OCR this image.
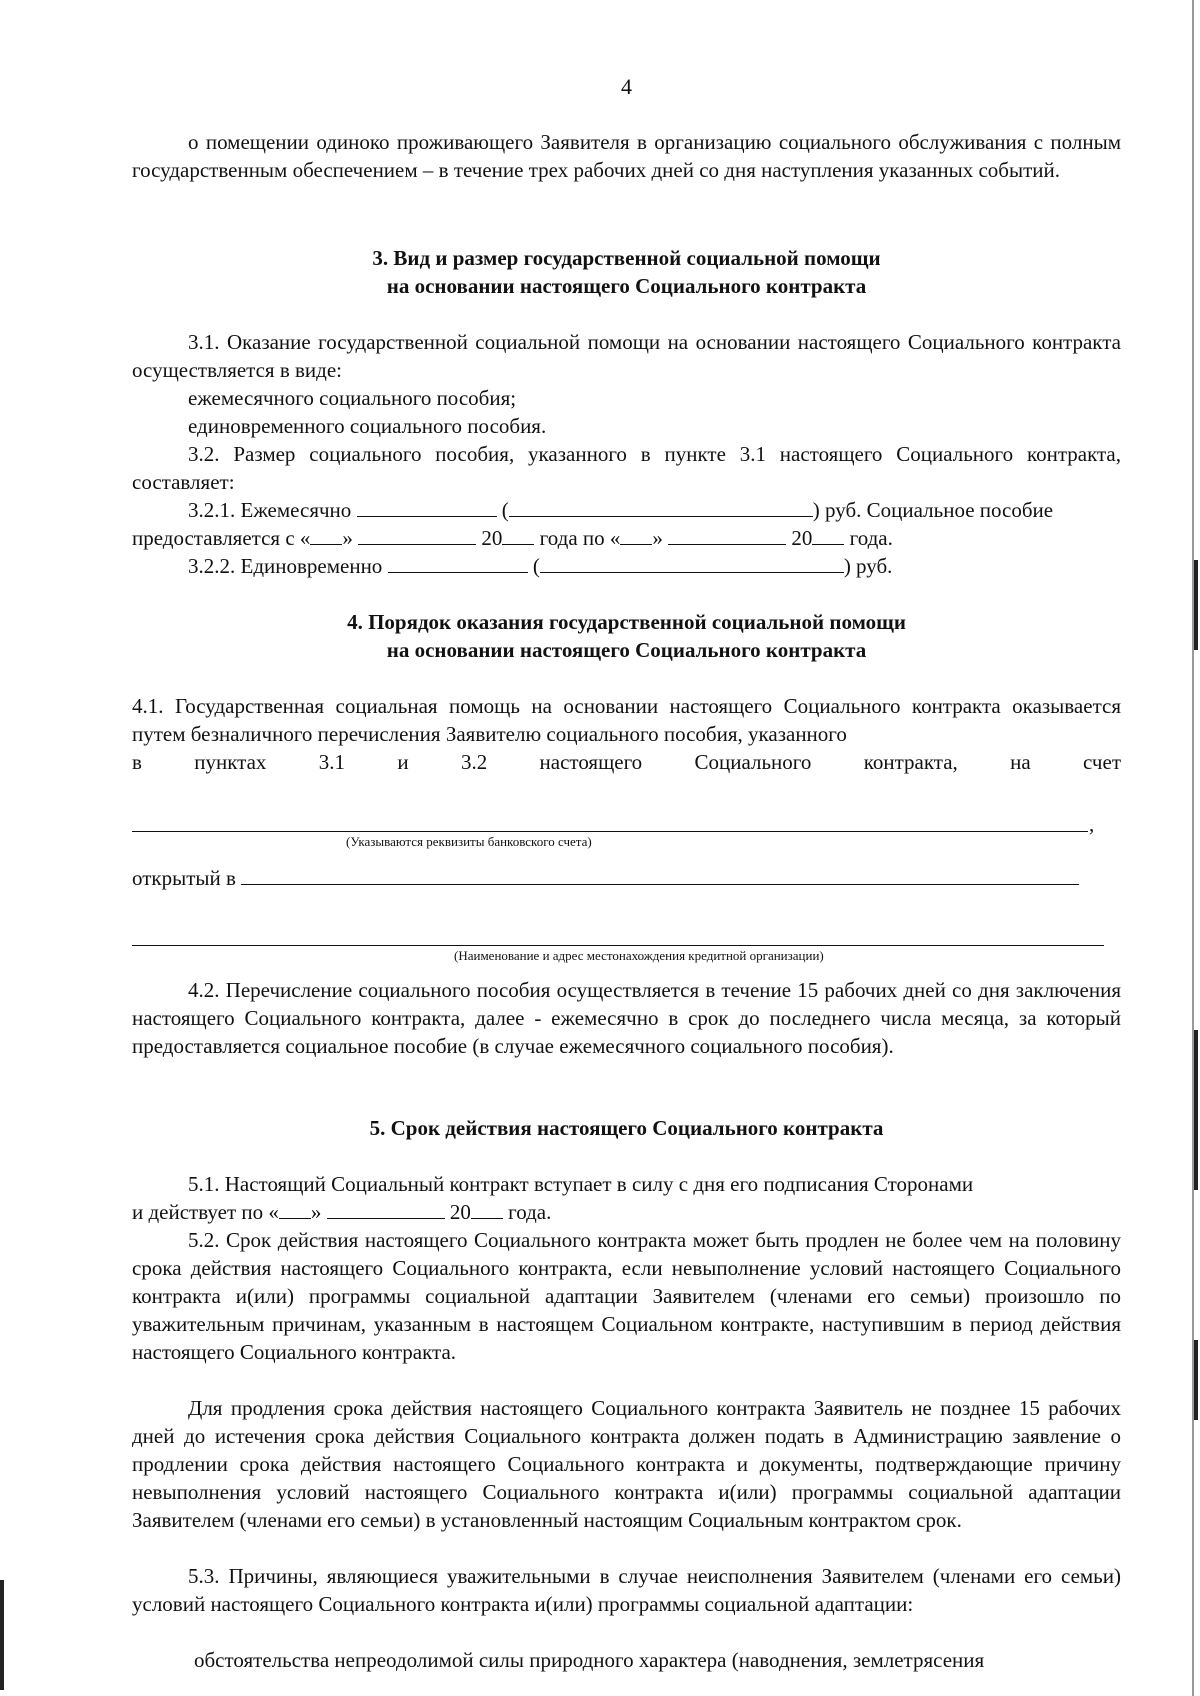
4

о помещении одиноко проживающего Заявителя в организацию социального обслуживания с полным государственным обеспечением – в течение трех рабочих дней со дня наступления указанных событий.

3. Вид и размер государственной социальной помощи

на основании настоящего Социального контракта

3.1. Оказание государственной социальной помощи на основании настоящего Социального контракта осуществляется в виде:

ежемесячного социального пособия;

единовременного социального пособия.

3.2. Размер социального пособия, указанного в пункте 3.1 настоящего Социального контракта, составляет:

3.2.1. Ежемесячно	(	) руб. Социальное пособие
предоставляется с « »	20 года по « »	20 года.
3.2.2. Единовременно	(	) руб.

4. Порядок оказания государственной социальной помощи

на основании настоящего Социального контракта

4.1. Государственная социальная помощь на основании настоящего Социального контракта оказывается путем безналичного перечисления Заявителю социального пособия, указанного

в пунктах 3.1 и 3.2 настоящего Социального контракта, на счет

,
(Указываются реквизиты банковского счета)
открытый в
(Наименование и адрес местонахождения кредитной организации)

4.2. Перечисление социального пособия осуществляется в течение 15 рабочих дней со дня заключения настоящего Социального контракта, далее - ежемесячно в срок до последнего числа месяца, за который предоставляется социальное пособие (в случае ежемесячного социального пособия).

5. Срок действия настоящего Социального контракта

5.1. Настоящий Социальный контракт вступает в силу с дня его подписания Сторонами

и действует по « »	20 года.

5.2. Срок действия настоящего Социального контракта может быть продлен не более чем на половину срока действия настоящего Социального контракта, если невыполнение условий настоящего Социального контракта и(или) программы социальной адаптации Заявителем (членами его семьи) произошло по уважительным причинам, указанным в настоящем Социальном контракте, наступившим в период действия настоящего Социального контракта.

Для продления срока действия настоящего Социального контракта Заявитель не позднее 15 рабочих дней до истечения срока действия Социального контракта должен подать в Администрацию заявление о продлении срока действия настоящего Социального контракта и документы, подтверждающие причину невыполнения условий настоящего Социального контракта и(или) программы социальной адаптации Заявителем (членами его семьи) в установленный настоящим Социальным контрактом срок.

5.3. Причины, являющиеся уважительными в случае неисполнения Заявителем (членами его семьи) условий настоящего Социального контракта и(или) программы социальной адаптации:

обстоятельства непреодолимой силы природного характера (наводнения, землетрясения
